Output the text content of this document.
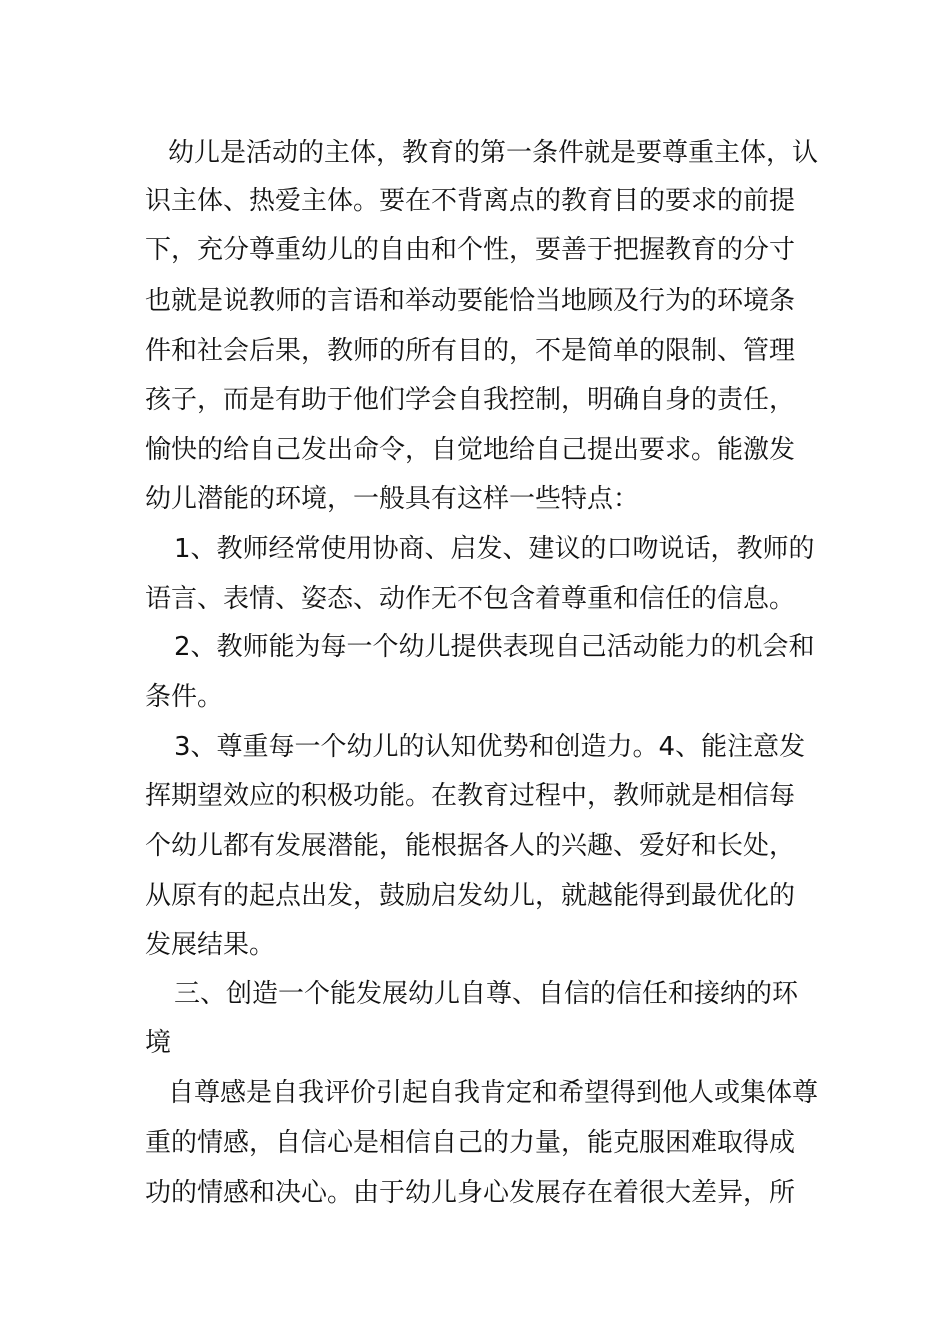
幼儿是活动的主体，教育的第一条件就是要尊重主体，认
识主体、热爱主体。要在不背离点的教育目的要求的前提
下，充分尊重幼儿的自由和个性，要善于把握教育的分寸
也就是说教师的言语和举动要能恰当地顾及行为的环境条
件和社会后果，教师的所有目的，不是简单的限制、管理
孩子，而是有助于他们学会自我控制，明确自身的责任，
愉快的给自己发出命令，自觉地给自己提出要求。能激发
幼儿潜能的环境，一般具有这样一些特点：
1、教师经常使用协商、启发、建议的口吻说话，教师的
语言、表情、姿态、动作无不包含着尊重和信任的信息。
2、教师能为每一个幼儿提供表现自己活动能力的机会和
条件。
3、尊重每一个幼儿的认知优势和创造力。4、能注意发
挥期望效应的积极功能。在教育过程中，教师就是相信每
个幼儿都有发展潜能，能根据各人的兴趣、爱好和长处，
从原有的起点出发，鼓励启发幼儿，就越能得到最优化的
发展结果。
三、创造一个能发展幼儿自尊、自信的信任和接纳的环
境
自尊感是自我评价引起自我肯定和希望得到他人或集体尊
重的情感，自信心是相信自己的力量，能克服困难取得成
功的情感和决心。由于幼儿身心发展存在着很大差异，所
